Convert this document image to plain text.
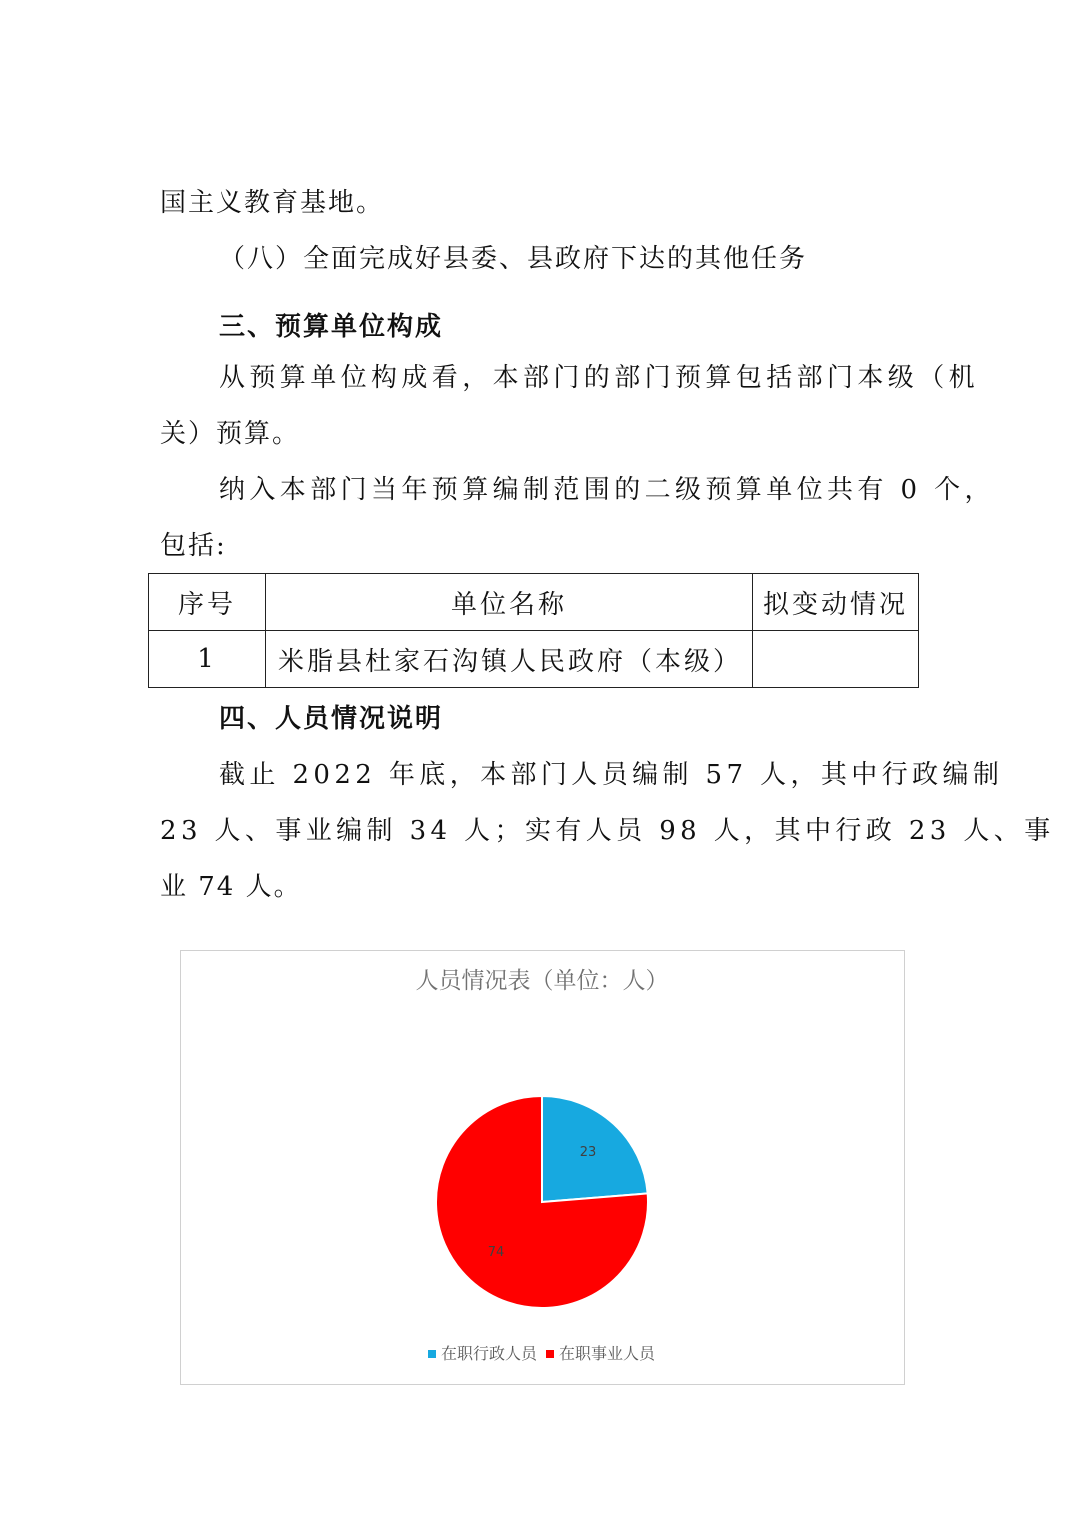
国主义教育基地。
（八）全面完成好县委、县政府下达的其他任务
三、预算单位构成
从预算单位构成看，本部门的部门预算包括部门本级（机
关）预算。
纳入本部门当年预算编制范围的二级预算单位共有 0 个，
包括:
序号	单位名称	拟变动情况
1	米脂县杜家石沟镇人民政府（本级）	
四、人员情况说明
截止 2022 年底，本部门人员编制 57 人，其中行政编制
23 人、事业编制 34 人；实有人员 98 人，其中行政 23 人、事
业 74 人。
人员情况表（单位：人）
23
74
在职行政人员 在职事业人员
